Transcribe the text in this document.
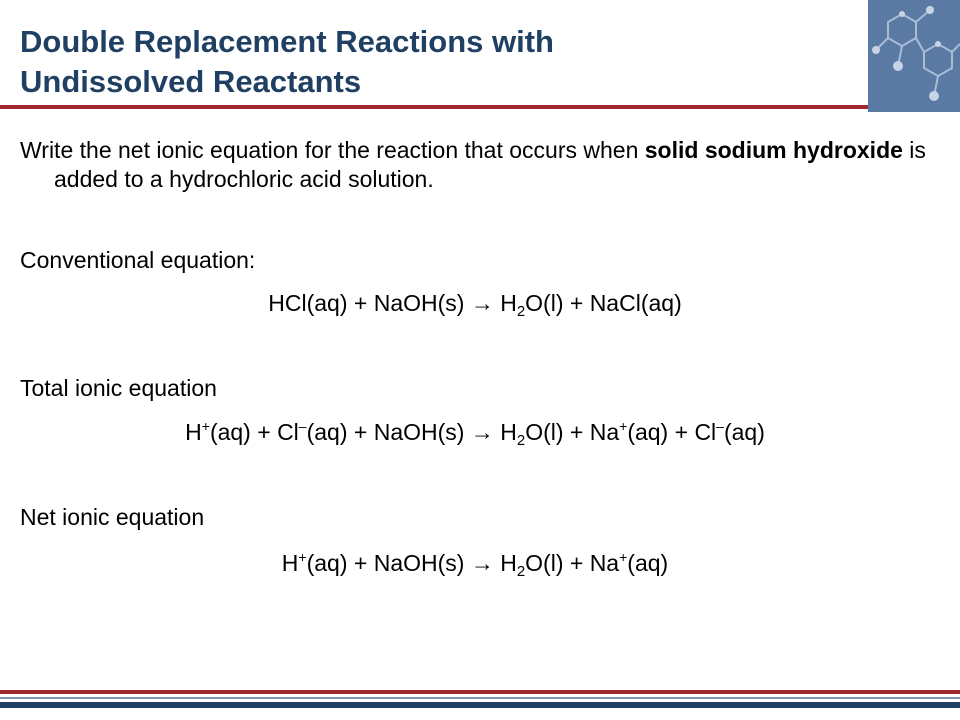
Double Replacement Reactions with
Undissolved Reactants
Write the net ionic equation for the reaction that occurs when solid sodium hydroxide is added to a hydrochloric acid solution.
Conventional equation:
HCl(aq) + NaOH(s) → $H_2O(l)$ + NaCl(aq)
Total ionic equation
H+(aq) + Cl–(aq) + NaOH(s) → $H_2O(l) + Na^+(aq) + Cl^-(aq)$
Net ionic equation
H+(aq) + NaOH(s) → $H_2O(l) + Na^+(aq)$
